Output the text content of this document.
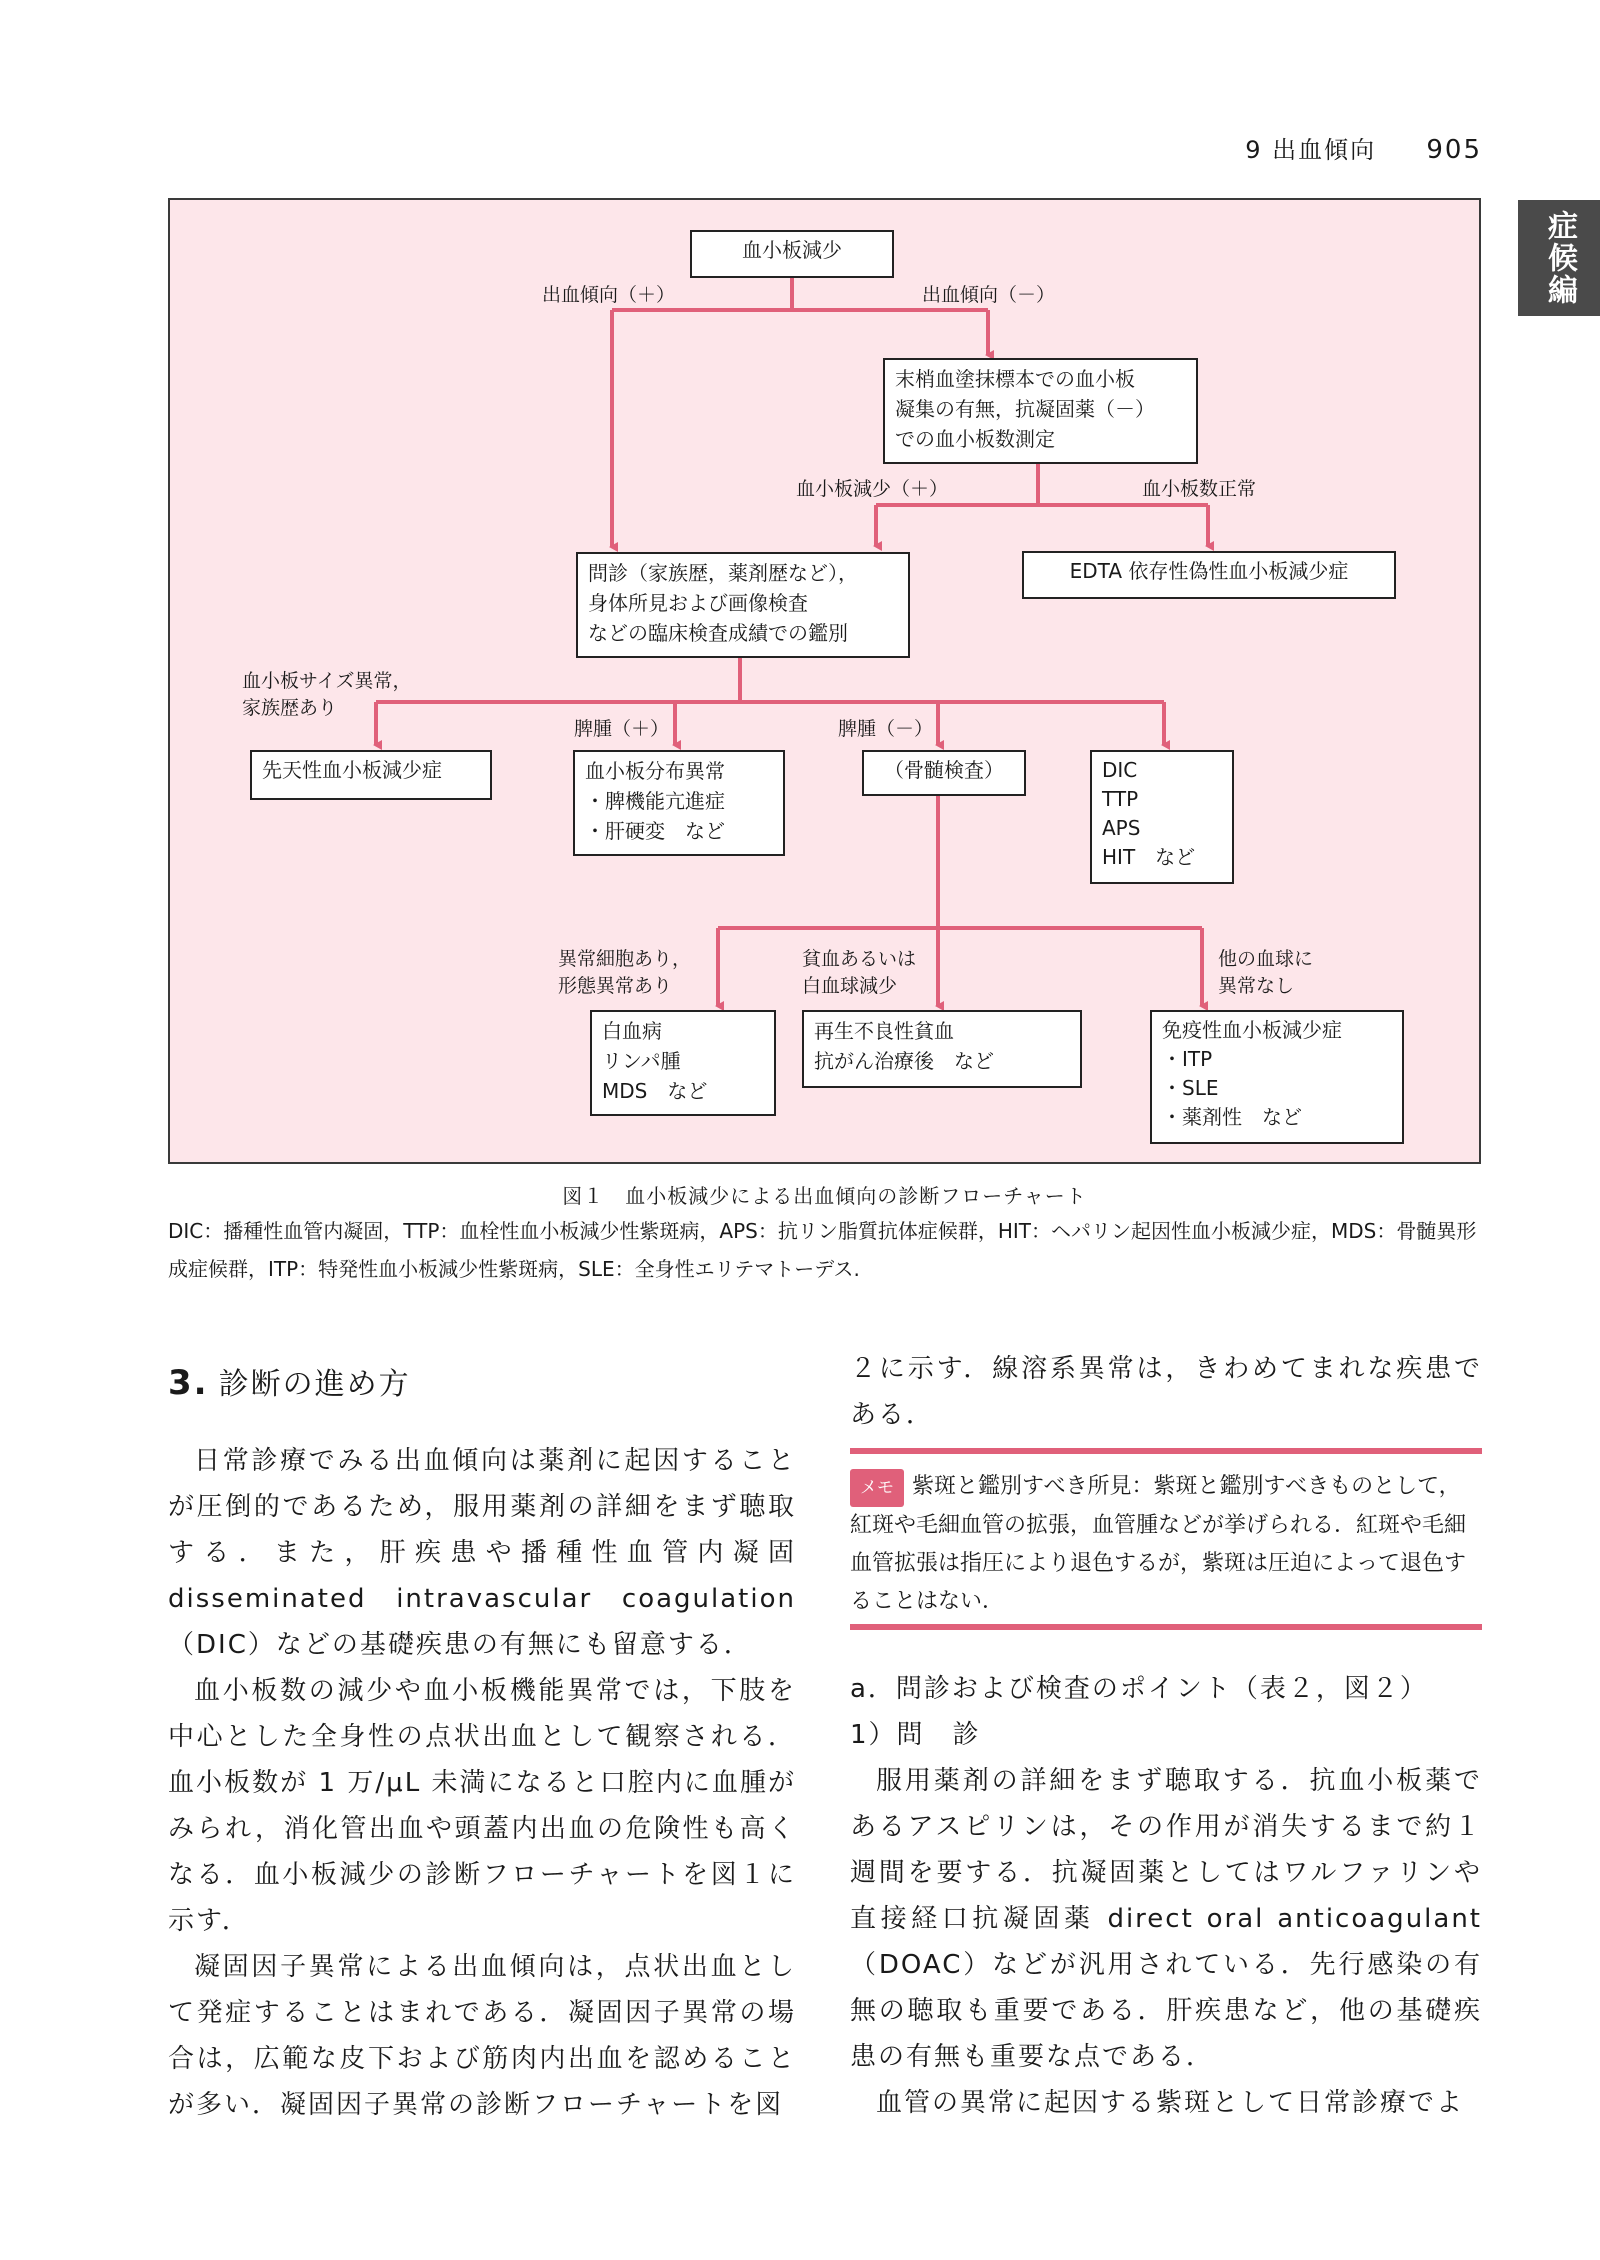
9 出血傾向 905
症候編
血小板減少
出血傾向（＋）	出血傾向（－）
末梢血塗抹標本での血小板
凝集の有無，抗凝固薬（－）
での血小板数測定
血小板減少（＋）	血小板数正常
EDTA 依存性偽性血小板減少症
問診（家族歴，薬剤歴など），
身体所見および画像検査
などの臨床検査成績での鑑別
血小板サイズ異常，
家族歴あり
脾腫（＋）	脾腫（－）
先天性血小板減少症	血小板分布異常
・脾機能亢進症
・肝硬変　など
（骨髄検査）	DIC
TTP
APS
HIT　など
異常細胞あり，
形態異常あり
貧血あるいは
白血球減少
他の血球に
異常なし
白血病
リンパ腫
MDS　など
再生不良性貧血
抗がん治療後　など
免疫性血小板減少症
・ITP
・SLE
・薬剤性　など
図１　血小板減少による出血傾向の診断フローチャート
DIC：播種性血管内凝固，TTP：血栓性血小板減少性紫斑病，APS：抗リン脂質抗体症候群，HIT：ヘパリン起因性血小板減少症，MDS：骨髄異形成症候群，ITP：特発性血小板減少性紫斑病，SLE：全身性エリテマトーデス.
3. 診断の進め方

日常診療でみる出血傾向は薬剤に起因することが圧倒的であるため，服用薬剤の詳細をまず聴取する．また，肝疾患や播種性血管内凝固 disseminated intravascular coagulation（DIC）などの基礎疾患の有無にも留意する．

血小板数の減少や血小板機能異常では，下肢を中心とした全身性の点状出血として観察される．血小板数が 1 万/μL 未満になると口腔内に血腫がみられ，消化管出血や頭蓋内出血の危険性も高くなる．血小板減少の診断フローチャートを図１に示す．

凝固因子異常による出血傾向は，点状出血として発症することはまれである．凝固因子異常の場合は，広範な皮下および筋肉内出血を認めることが多い．凝固因子異常の診断フローチャートを図

２に示す．線溶系異常は，きわめてまれな疾患である．

メモ 紫斑と鑑別すべき所見：紫斑と鑑別すべきものとして，紅斑や毛細血管の拡張，血管腫などが挙げられる．紅斑や毛細血管拡張は指圧により退色するが，紫斑は圧迫によって退色することはない．
a．問診および検査のポイント（表２，図２）
1）問　診

服用薬剤の詳細をまず聴取する．抗血小板薬であるアスピリンは，その作用が消失するまで約１週間を要する．抗凝固薬としてはワルファリンや直接経口抗凝固薬 direct oral anticoagulant（DOAC）などが汎用されている．先行感染の有無の聴取も重要である．肝疾患など，他の基礎疾患の有無も重要な点である．

血管の異常に起因する紫斑として日常診療でよ
